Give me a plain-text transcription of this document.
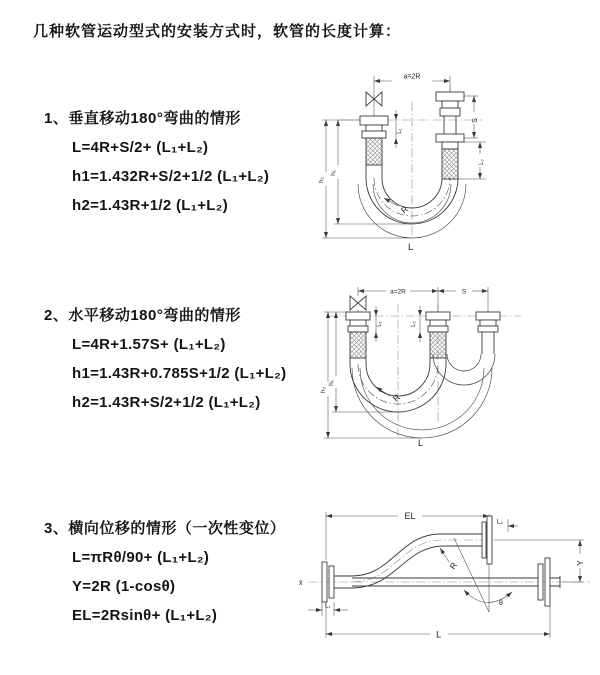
几种软管运动型式的安装方式时，软管的长度计算：
1、垂直移动180°弯曲的情形
L=4R+S/2+ (L₁+L₂)
h1=1.432R+S/2+1/2 (L₁+L₂)
h2=1.43R+1/2 (L₁+L₂)
2、水平移动180°弯曲的情形
L=4R+1.57S+ (L₁+L₂)
h1=1.43R+0.785S+1/2 (L₁+L₂)
h2=1.43R+S/2+1/2 (L₁+L₂)
3、横向位移的情形（一次性变位）
L=πRθ/90+ (L₁+L₂)
Y=2R (1-cosθ)
EL=2Rsinθ+ (L₁+L₂)
a=2R
S
L₂
h₂
h₁
L₁
R
L
a=2R	S
h₂
h₁
L₁	L₂
R
L
x̄
EL
L₂
Y
R
θ
L
L₁
